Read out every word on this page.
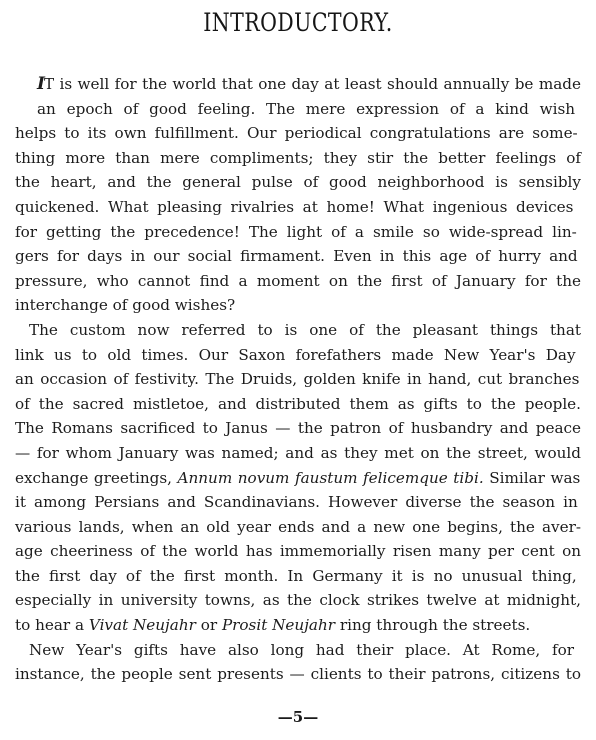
INTRODUCTORY.
IT is well for the world that one day at least should annually be made
an epoch of good feeling. The mere expression of a kind wish
helps to its own fulfillment. Our periodical congratulations are some-
thing more than mere compliments; they stir the better feelings of
the heart, and the general pulse of good neighborhood is sensibly
quickened. What pleasing rivalries at home! What ingenious devices
for getting the precedence! The light of a smile so wide-spread lin-
gers for days in our social firmament. Even in this age of hurry and
pressure, who cannot find a moment on the first of January for the
interchange of good wishes?
The custom now referred to is one of the pleasant things that
link us to old times. Our Saxon forefathers made New Year's Day
an occasion of festivity. The Druids, golden knife in hand, cut branches
of the sacred mistletoe, and distributed them as gifts to the people.
The Romans sacrificed to Janus — the patron of husbandry and peace
— for whom January was named; and as they met on the street, would
exchange greetings, Annum novum faustum felicemque tibi. Similar was
it among Persians and Scandinavians. However diverse the season in
various lands, when an old year ends and a new one begins, the aver-
age cheeriness of the world has immemorially risen many per cent on
the first day of the first month. In Germany it is no unusual thing,
especially in university towns, as the clock strikes twelve at midnight,
to hear a Vivat Neujahr or Prosit Neujahr ring through the streets.
New Year's gifts have also long had their place. At Rome, for
instance, the people sent presents — clients to their patrons, citizens to
—5—
